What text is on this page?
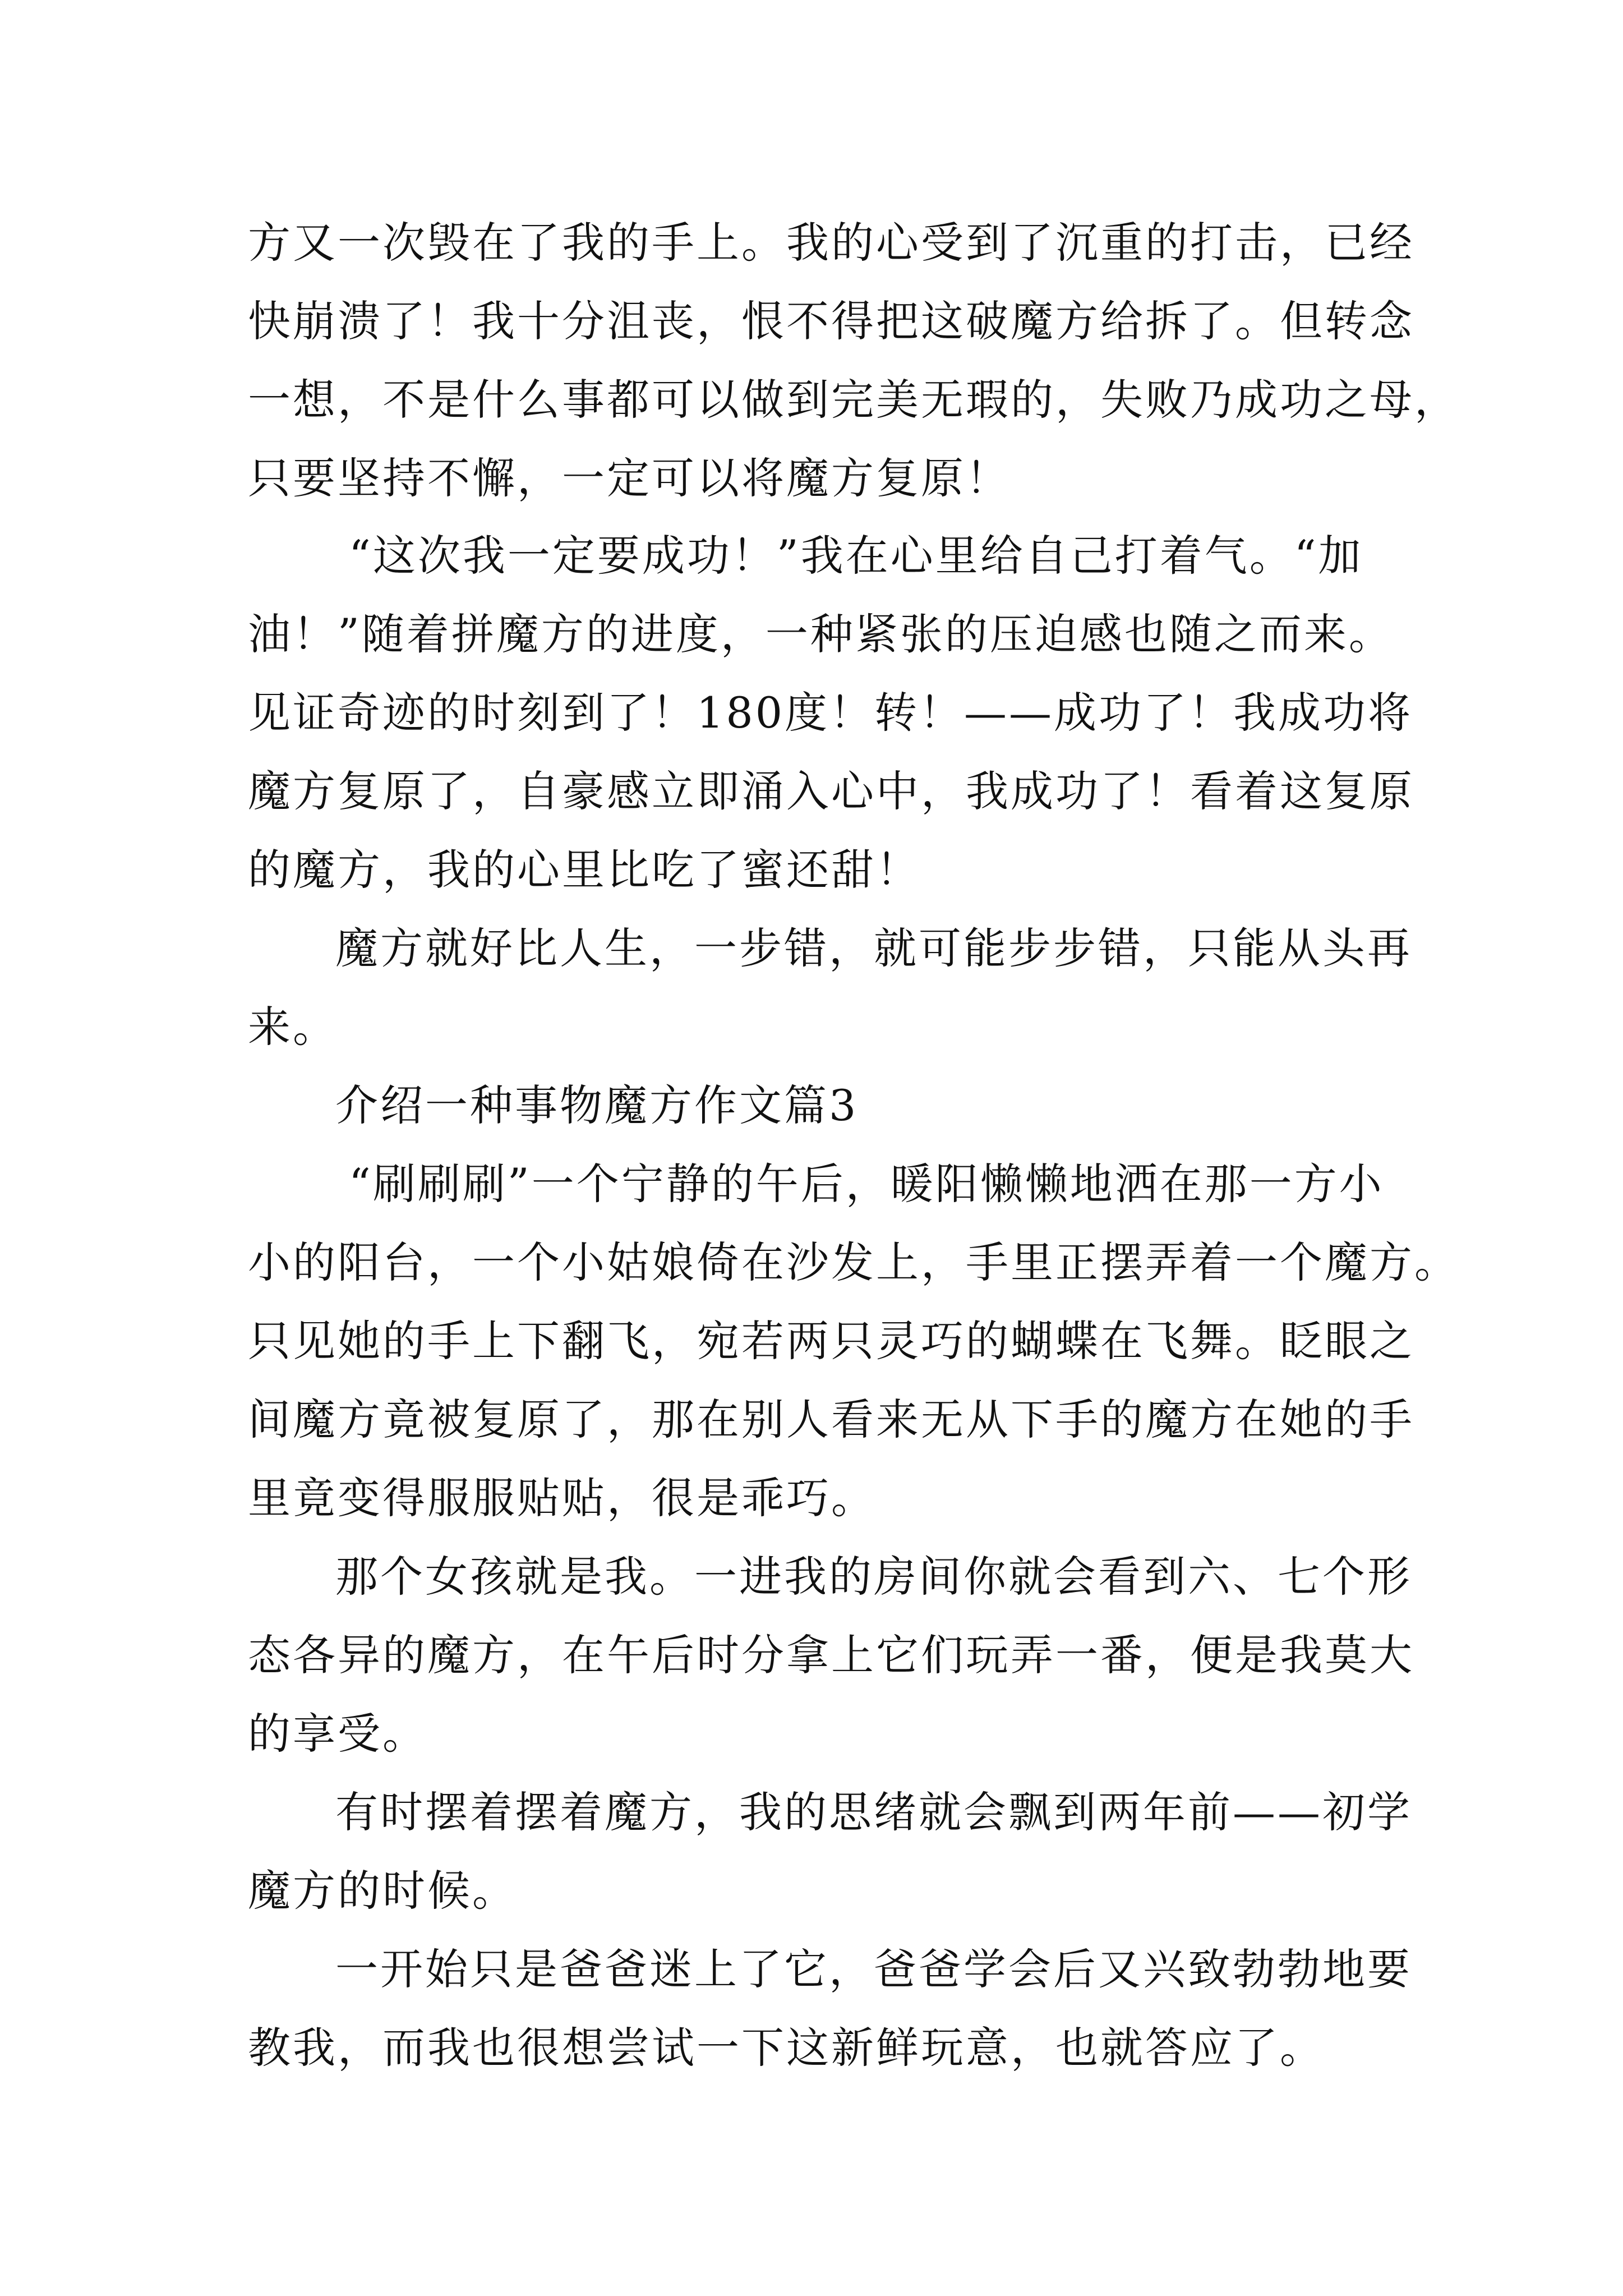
方又一次毁在了我的手上。我的心受到了沉重的打击，已经
快崩溃了！我十分沮丧，恨不得把这破魔方给拆了。但转念
一想，不是什么事都可以做到完美无瑕的，失败乃成功之母，
只要坚持不懈，一定可以将魔方复原！
“这次我一定要成功！”我在心里给自己打着气。“加
油！”随着拼魔方的进度，一种紧张的压迫感也随之而来。
见证奇迹的时刻到了！180度！转！——成功了！我成功将
魔方复原了，自豪感立即涌入心中，我成功了！看着这复原
的魔方，我的心里比吃了蜜还甜！
魔方就好比人生，一步错，就可能步步错，只能从头再
来。
介绍一种事物魔方作文篇3
“刷刷刷”一个宁静的午后，暖阳懒懒地洒在那一方小
小的阳台，一个小姑娘倚在沙发上，手里正摆弄着一个魔方。
只见她的手上下翻飞，宛若两只灵巧的蝴蝶在飞舞。眨眼之
间魔方竟被复原了，那在别人看来无从下手的魔方在她的手
里竟变得服服贴贴，很是乖巧。
那个女孩就是我。一进我的房间你就会看到六、七个形
态各异的魔方，在午后时分拿上它们玩弄一番，便是我莫大
的享受。
有时摆着摆着魔方，我的思绪就会飘到两年前——初学
魔方的时候。
一开始只是爸爸迷上了它，爸爸学会后又兴致勃勃地要
教我，而我也很想尝试一下这新鲜玩意，也就答应了。
